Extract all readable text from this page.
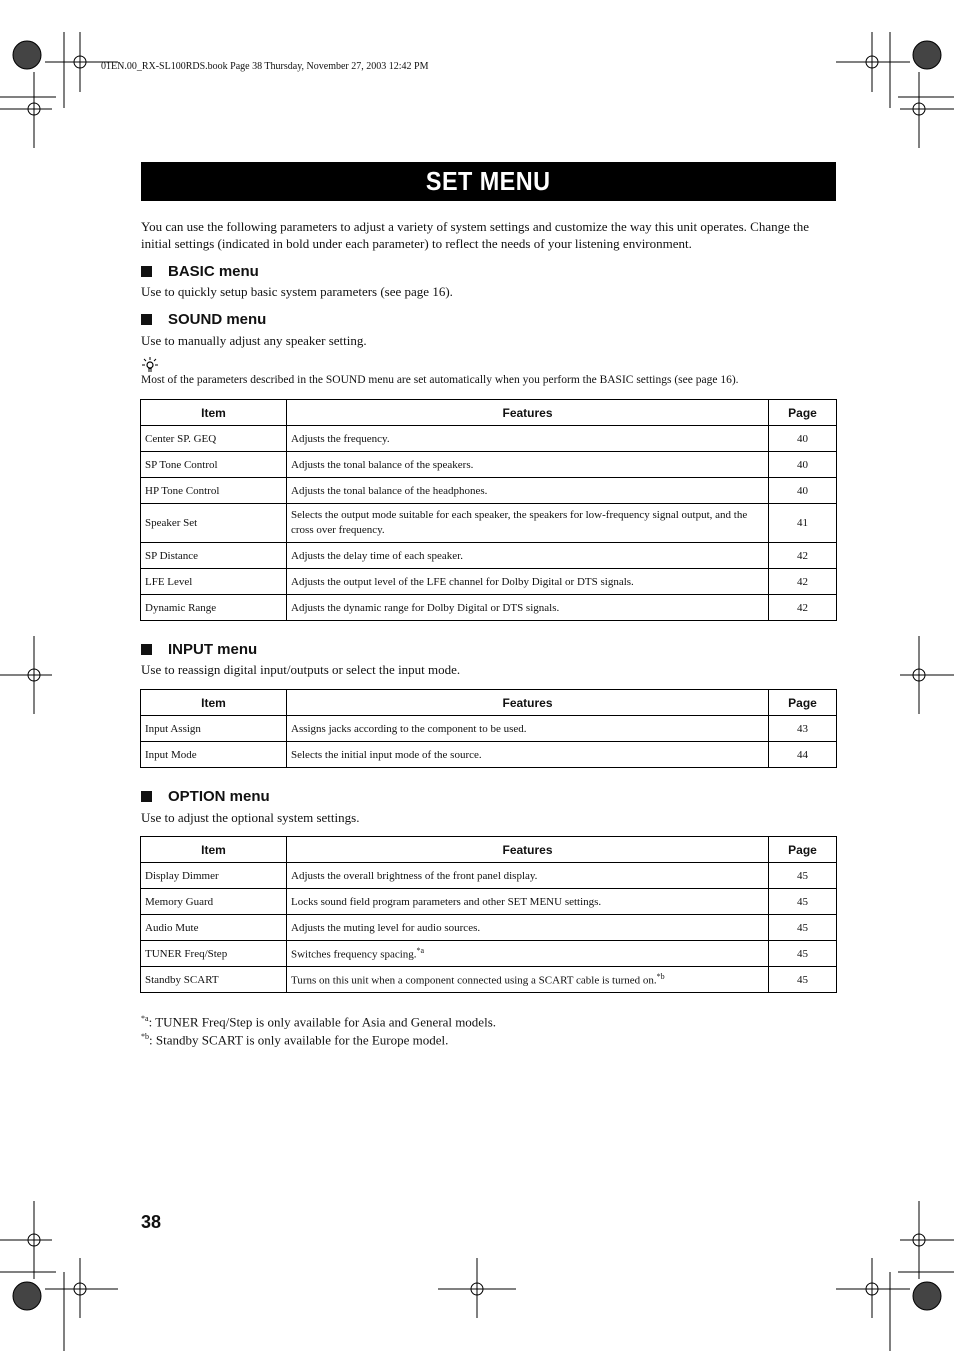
01EN.00_RX-SL100RDS.book Page 38 Thursday, November 27, 2003 12:42 PM
SET MENU
You can use the following parameters to adjust a variety of system settings and customize the way this unit operates. Change the initial settings (indicated in bold under each parameter) to reflect the needs of your listening environment.
BASIC menu
Use to quickly setup basic system parameters (see page 16).
SOUND menu
Use to manually adjust any speaker setting.
Most of the parameters described in the SOUND menu are set automatically when you perform the BASIC settings (see page 16).
Item	Features	Page
Center SP. GEQ	Adjusts the frequency.	40
SP Tone Control	Adjusts the tonal balance of the speakers.	40
HP Tone Control	Adjusts the tonal balance of the headphones.	40
Speaker Set	Selects the output mode suitable for each speaker, the speakers for low-frequency signal output, and the cross over frequency.	41
SP Distance	Adjusts the delay time of each speaker.	42
LFE Level	Adjusts the output level of the LFE channel for Dolby Digital or DTS signals.	42
Dynamic Range	Adjusts the dynamic range for Dolby Digital or DTS signals.	42
INPUT menu
Use to reassign digital input/outputs or select the input mode.
Item	Features	Page
Input Assign	Assigns jacks according to the component to be used.	43
Input Mode	Selects the initial input mode of the source.	44
OPTION menu
Use to adjust the optional system settings.
Item	Features	Page
Display Dimmer	Adjusts the overall brightness of the front panel display.	45
Memory Guard	Locks sound field program parameters and other SET MENU settings.	45
Audio Mute	Adjusts the muting level for audio sources.	45
TUNER Freq/Step	Switches frequency spacing.$^{*a}$	45
Standby SCART	Turns on this unit when a component connected using a SCART cable is turned on.$^{*b}$	45
$^{*a}$: TUNER Freq/Step is only available for Asia and General models.
$^{*b}$: Standby SCART is only available for the Europe model.
38
